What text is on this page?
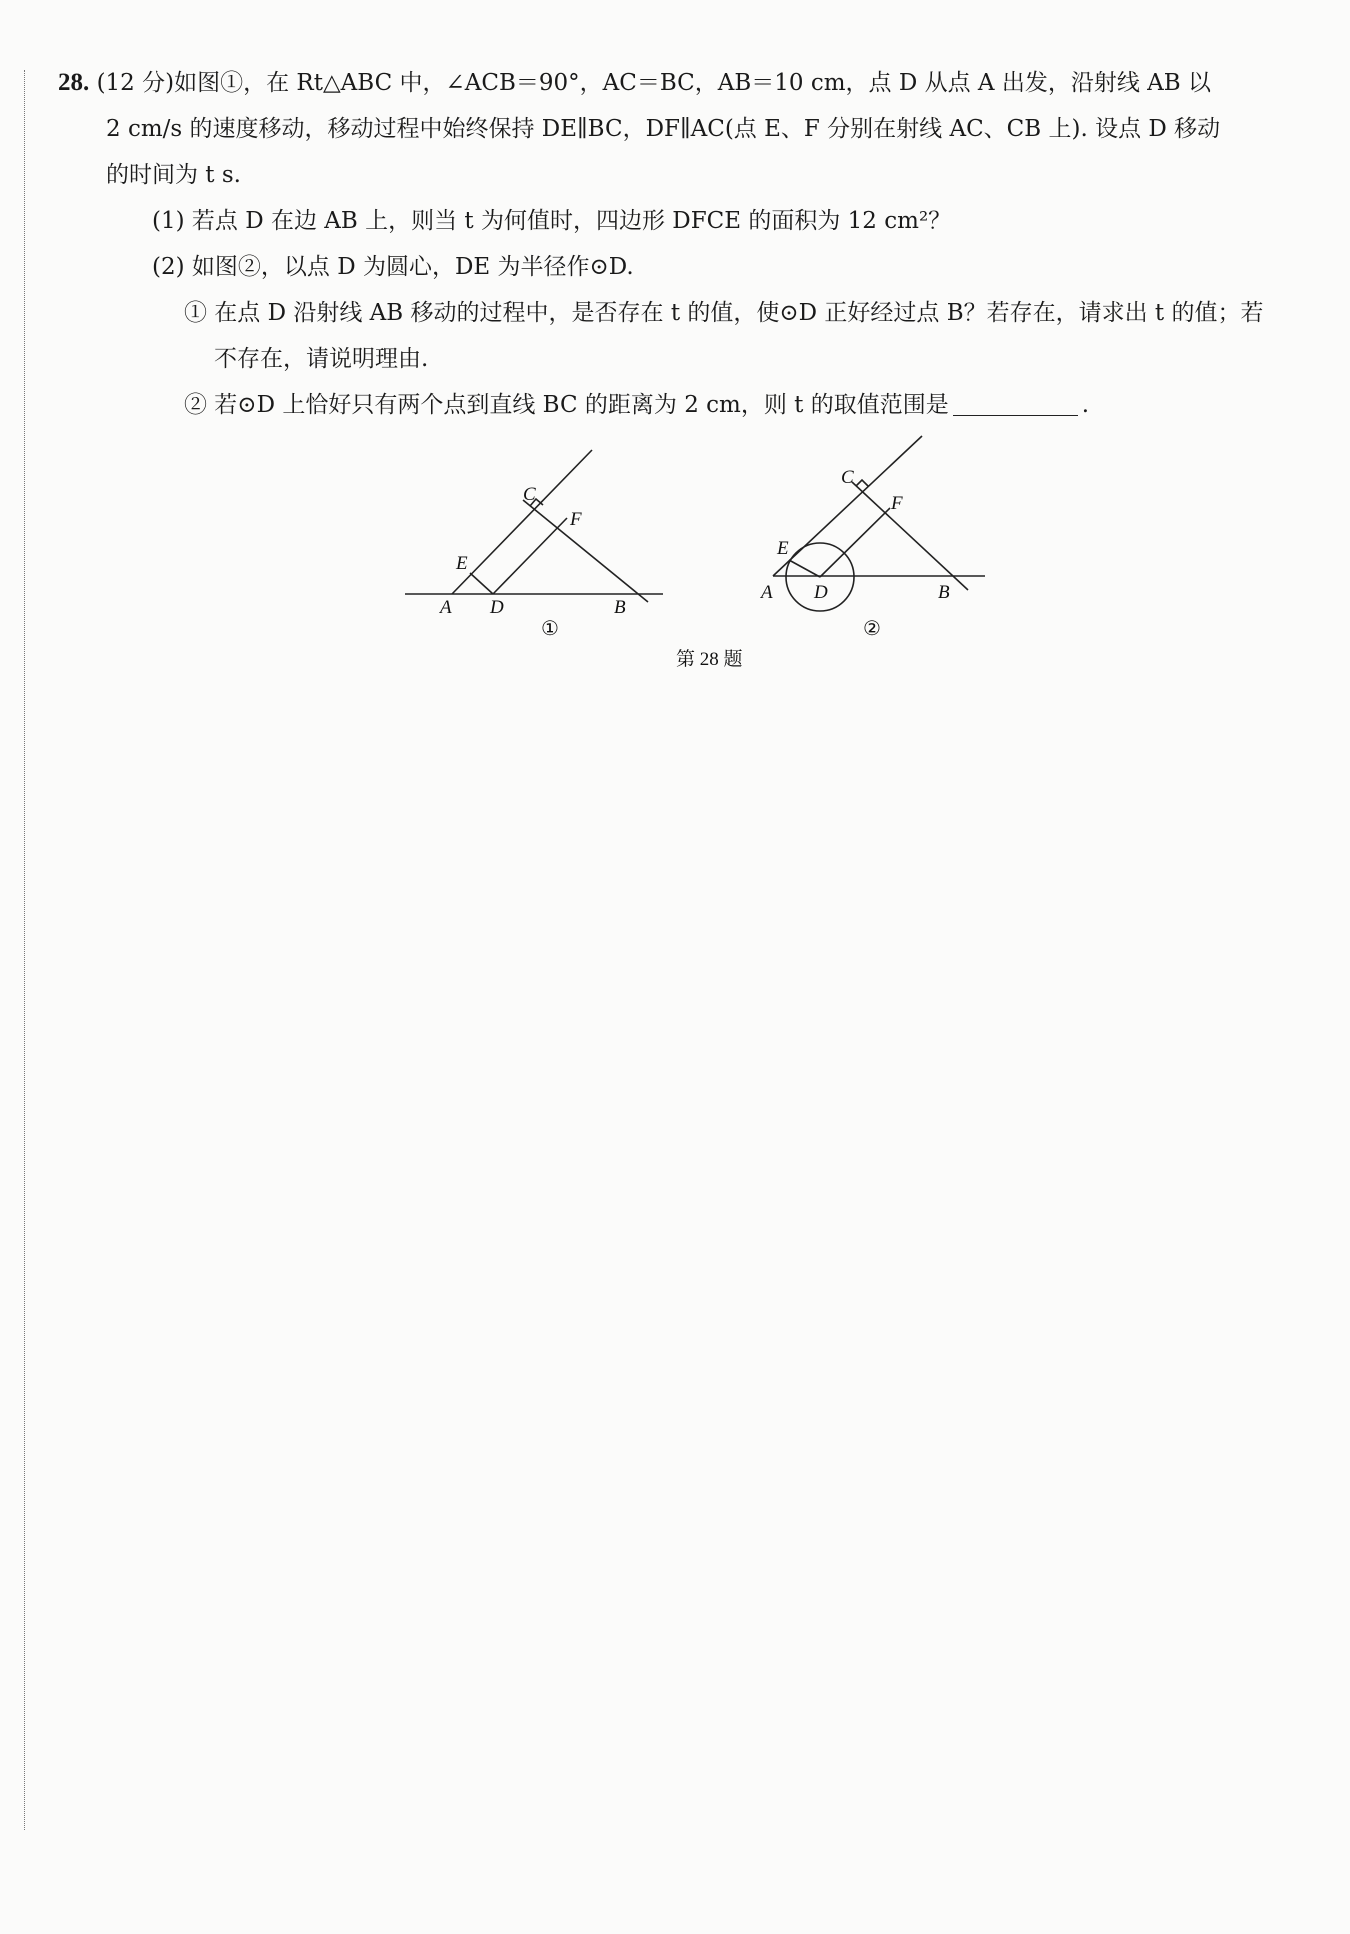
28. (12 分)如图①，在 Rt△ABC 中，∠ACB＝90°，AC＝BC，AB＝10 cm，点 D 从点 A 出发，沿射线 AB 以
2 cm/s 的速度移动，移动过程中始终保持 DE∥BC，DF∥AC(点 E、F 分别在射线 AC、CB 上). 设点 D 移动
的时间为 t s.
(1) 若点 D 在边 AB 上，则当 t 为何值时，四边形 DFCE 的面积为 12 cm²？
(2) 如图②，以点 D 为圆心，DE 为半径作⊙D.
① 在点 D 沿射线 AB 移动的过程中，是否存在 t 的值，使⊙D 正好经过点 B？若存在，请求出 t 的值；若
不存在，请说明理由.
② 若⊙D 上恰好只有两个点到直线 BC 的距离为 2 cm，则 t 的取值范围是	.
C
F
E
A D	B
①
C
F
E
A D	B
②
第 28 题
